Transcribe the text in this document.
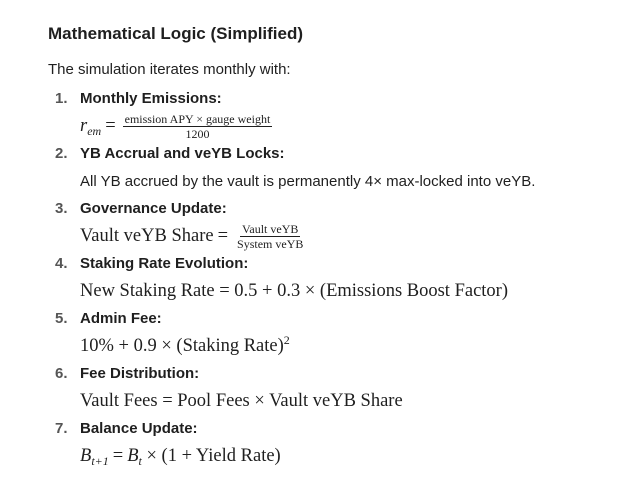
Mathematical Logic (Simplified)
The simulation iterates monthly with:
1. Monthly Emissions:
$r_{em} = \frac{\text{emission APY × gauge weight}}{1200}$
2. YB Accrual and veYB Locks:
All YB accrued by the vault is permanently 4× max-locked into veYB.
3. Governance Update:
Vault veYB Share = $\frac{\text{Vault veYB}}{\text{System veYB}}$
4. Staking Rate Evolution:
New Staking Rate = 0.5 + 0.3 × (Emissions Boost Factor)
5. Admin Fee:
10% + 0.9 × (Staking Rate)$^2$
6. Fee Distribution:
Vault Fees = Pool Fees × Vault veYB Share
7. Balance Update:
$B_{t+1} = B_t \times (1$ + Yield Rate)
